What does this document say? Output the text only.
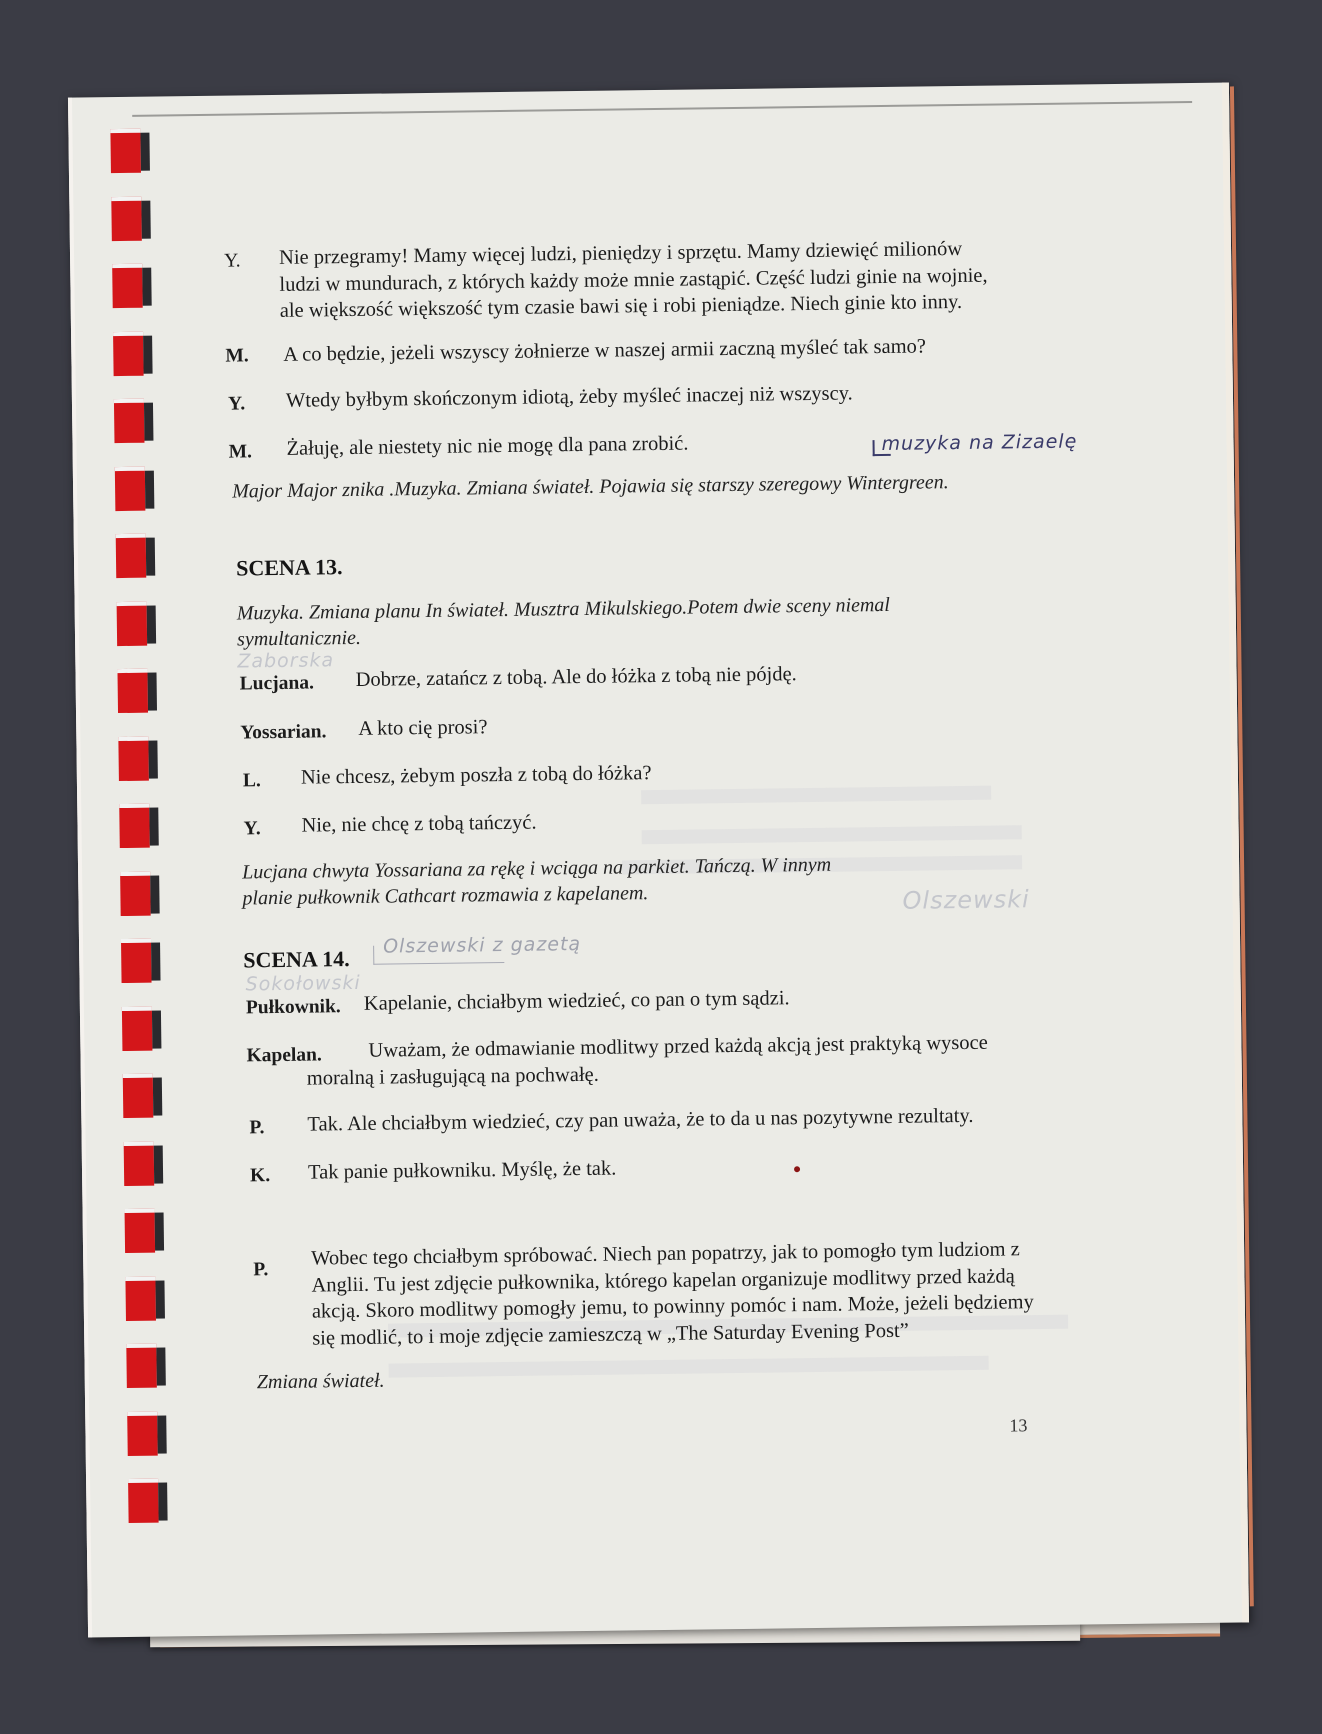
Y. Nie przegramy! Mamy więcej ludzi, pieniędzy i sprzętu. Mamy dziewięć milionów ludzi w mundurach, z których każdy może mnie zastąpić. Część ludzi ginie na wojnie, ale większość większość tym czasie bawi się i robi pieniądze. Niech ginie kto inny.
M. A co będzie, jeżeli wszyscy żołnierze w naszej armii zaczną myśleć tak samo?
Y. Wtedy byłbym skończonym idiotą, żeby myśleć inaczej niż wszyscy.
M. Żałuję, ale niestety nic nie mogę dla pana zrobić.	muzyka na Zizaelę
Major Major znika .Muzyka. Zmiana świateł. Pojawia się starszy szeregowy Wintergreen.
SCENA 13.
Muzyka. Zmiana planu In świateł. Musztra Mikulskiego.Potem dwie sceny niemal symultanicznie.
Zaborska
Lucjana. Dobrze, zatańcz z tobą. Ale do łóżka z tobą nie pójdę.
Yossarian. A kto cię prosi?
L. Nie chcesz, żebym poszła z tobą do łóżka?
Y. Nie, nie chcę z tobą tańczyć.
Lucjana chwyta Yossariana za rękę i wciąga na parkiet. Tańczą. W innym planie pułkownik Cathcart rozmawia z kapelanem.	Olszewski
SCENA 14.
Olszewski z gazetą
Sokołowski
Pułkownik. Kapelanie, chciałbym wiedzieć, co pan o tym sądzi.
Kapelan.	Uważam, że odmawianie modlitwy przed każdą akcją jest praktyką wysoce moralną i zasługującą na pochwałę.
P. Tak. Ale chciałbym wiedzieć, czy pan uważa, że to da u nas pozytywne rezultaty.
K. Tak panie pułkowniku. Myślę, że tak.
P.
Wobec tego chciałbym spróbować. Niech pan popatrzy, jak to pomogło tym ludziom z Anglii. Tu jest zdjęcie pułkownika, którego kapelan organizuje modlitwy przed każdą akcją. Skoro modlitwy pomogły jemu, to powinny pomóc i nam. Może, jeżeli będziemy się modlić, to i moje zdjęcie zamieszczą w „The Saturday Evening Post”
Zmiana świateł.
13
